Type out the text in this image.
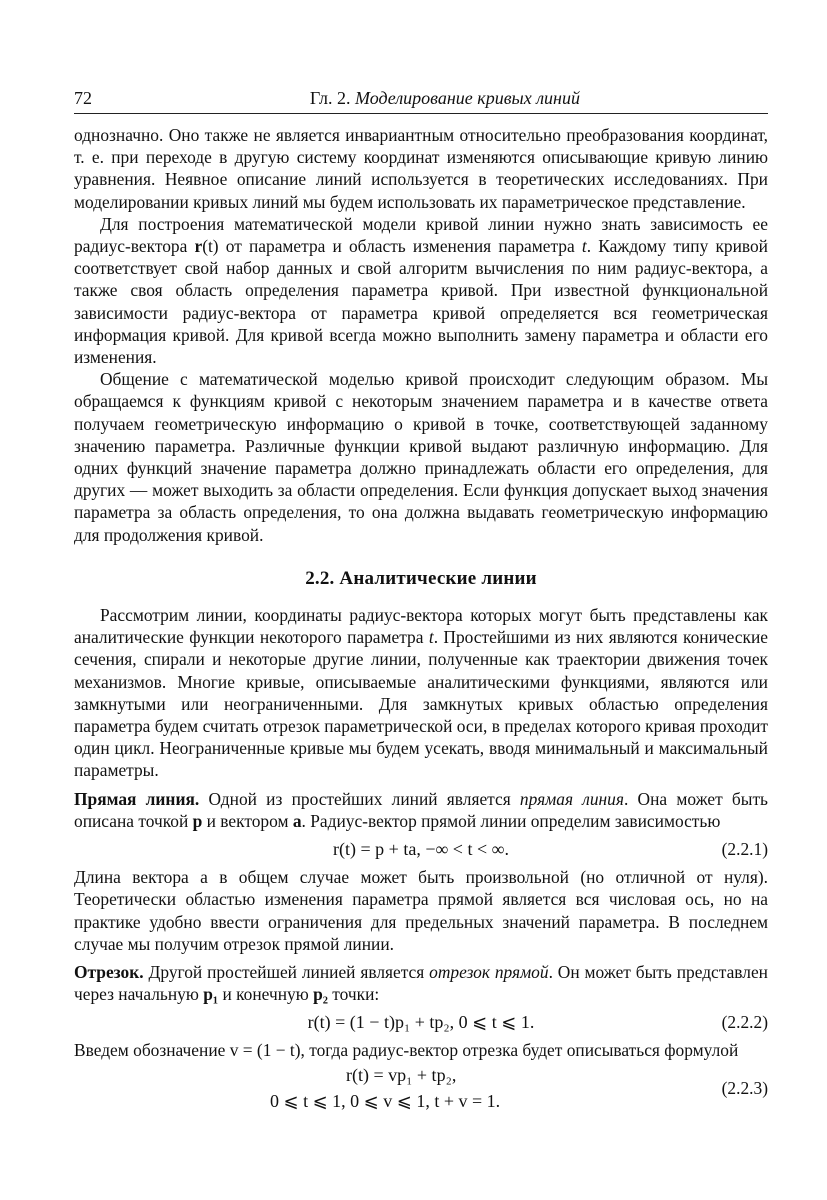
72	Гл. 2. Моделирование кривых линий

однозначно. Оно также не является инвариантным относительно преобразования координат, т. е. при переходе в другую систему координат изменяются описывающие кривую линию уравнения. Неявное описание линий используется в теоретических исследованиях. При моделировании кривых линий мы будем использовать их параметрическое представление.

Для построения математической модели кривой линии нужно знать зависимость ее радиус-вектора r(t) от параметра и область изменения параметра t. Каждому типу кривой соответствует свой набор данных и свой алгоритм вычисления по ним радиус-вектора, а также своя область определения параметра кривой. При известной функциональной зависимости радиус-вектора от параметра кривой определяется вся геометрическая информация кривой. Для кривой всегда можно выполнить замену параметра и области его изменения.

Общение с математической моделью кривой происходит следующим образом. Мы обращаемся к функциям кривой с некоторым значением параметра и в качестве ответа получаем геометрическую информацию о кривой в точке, соответствующей заданному значению параметра. Различные функции кривой выдают различную информацию. Для одних функций значение параметра должно принадлежать области его определения, для других — может выходить за области определения. Если функция допускает выход значения параметра за область определения, то она должна выдавать геометрическую информацию для продолжения кривой.

2.2. Аналитические линии

Рассмотрим линии, координаты радиус-вектора которых могут быть представлены как аналитические функции некоторого параметра t. Простейшими из них являются конические сечения, спирали и некоторые другие линии, полученные как траектории движения точек механизмов. Многие кривые, описываемые аналитическими функциями, являются или замкнутыми или неограниченными. Для замкнутых кривых областью определения параметра будем считать отрезок параметрической оси, в пределах которого кривая проходит один цикл. Неограниченные кривые мы будем усекать, вводя минимальный и максимальный параметры.

Прямая линия. Одной из простейших линий является прямая линия. Она может быть описана точкой p и вектором a. Радиус-вектор прямой линии определим зависимостью

r(t) = p + ta, −∞ < t < ∞.	(2.2.1)

Длина вектора a в общем случае может быть произвольной (но отличной от нуля). Теоретически областью изменения параметра прямой является вся числовая ось, но на практике удобно ввести ограничения для предельных значений параметра. В последнем случае мы получим отрезок прямой линии.

Отрезок. Другой простейшей линией является отрезок прямой. Он может быть представлен через начальную p₁ и конечную p₂ точки:

r(t) = (1 − t)p₁ + tp₂, 0 ⩽ t ⩽ 1.	(2.2.2)

Введем обозначение v = (1 − t), тогда радиус-вектор отрезка будет описываться формулой

r(t) = vp₁ + tp₂,
0 ⩽ t ⩽ 1, 0 ⩽ v ⩽ 1, t + v = 1.
(2.2.3)
